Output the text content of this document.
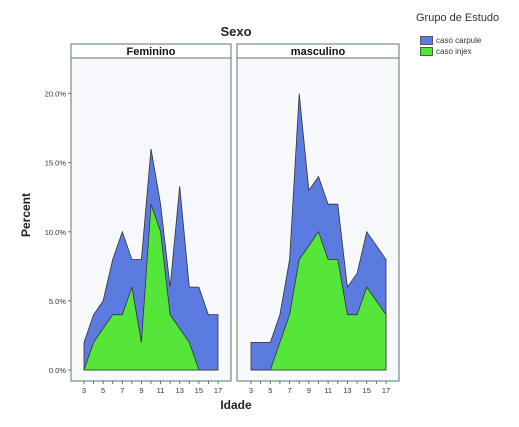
Sexo
Percent
Idade
Feminino
3 5 7 9 11 13 15 17
masculino
3 5 7 9 11 13 15 17
0.0%
5.0%
10.0%
15.0%
20.0%
Grupo de Estudo
caso carpule
caso injex
